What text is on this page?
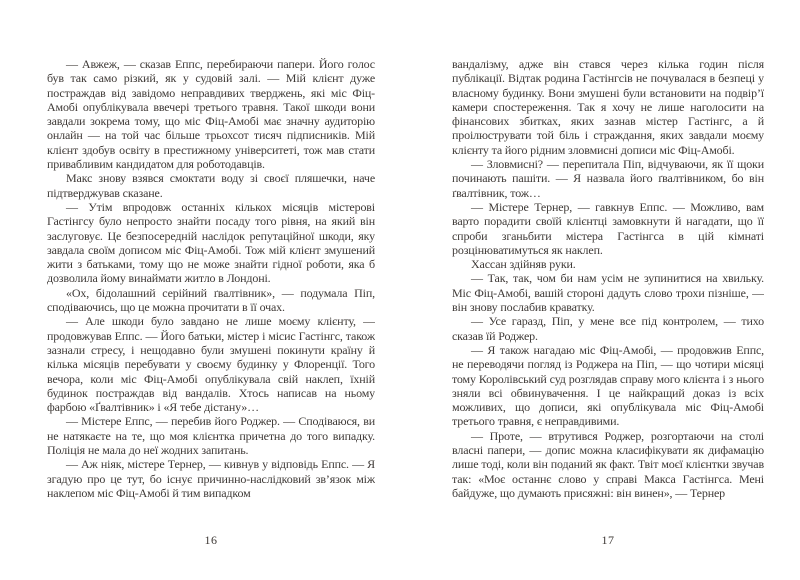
— Авжеж, — сказав Еппс, перебираючи папери. Його голос був так само різкий, як у судовій залі. — Мій клієнт дуже постраждав від завідомо неправдивих тверджень, які міс Фіц-Амобі опублікувала ввечері третього травня. Такої шкоди вони завдали зокрема тому, що міс Фіц-Амобі має значну аудиторію онлайн — на той час більше трьохсот тисяч підписників. Мій клієнт здобув освіту в престижному університеті, тож мав стати привабливим кандидатом для роботодавців.

Макс знову взявся смоктати воду зі своєї пляшечки, наче підтверджував сказане.

— Утім впродовж останніх кількох місяців містерові Гастінгсу було непросто знайти посаду того рівня, на який він заслуговує. Це безпосередній наслідок репутаційної шкоди, яку завдала своїм дописом міс Фіц-Амобі. Тож мій клієнт змушений жити з батьками, тому що не може знайти гідної роботи, яка б дозволила йому винаймати житло в Лондоні.

«Ох, бідолашний серійний ґвалтівник», — подумала Піп, сподіваючись, що це можна прочитати в її очах.

— Але шкоди було завдано не лише моєму клієнту, — продовжував Еппс. — Його батьки, містер і місис Гастінгс, також зазнали стресу, і нещодавно були змушені покинути країну й кілька місяців перебувати у своєму будинку у Флоренції. Того вечора, коли міс Фіц-Амобі опублікувала свій наклеп, їхній будинок постраждав від вандалів. Хтось написав на ньому фарбою «Ґвалтівник» і «Я тебе дістану»…

— Містере Еппс, — перебив його Роджер. — Сподіваюся, ви не натякаєте на те, що моя клієнтка причетна до того випадку. Поліція не мала до неї жодних запитань.

— Аж ніяк, містере Тернер, — кивнув у відповідь Еппс. — Я згадую про це тут, бо існує причинно-наслідковий зв’язок між наклепом міс Фіц-Амобі й тим випадком

16

вандалізму, адже він стався через кілька годин після публікації. Відтак родина Гастінгсів не почувалася в безпеці у власному будинку. Вони змушені були встановити на подвір’ї камери спостереження. Так я хочу не лише наголосити на фінансових збитках, яких зазнав містер Гастінгс, а й проілюструвати той біль і страждання, яких завдали моєму клієнту та його рідним зловмисні дописи міс Фіц-Амобі.

— Зловмисні? — перепитала Піп, відчуваючи, як її щоки починають пашіти. — Я назвала його ґвалтівником, бо він ґвалтівник, тож…

— Містере Тернер, — гавкнув Еппс. — Можливо, вам варто порадити своїй клієнтці замовкнути й нагадати, що її спроби зганьбити містера Гастінгса в цій кімнаті розцінюватимуться як наклеп.

Хассан здійняв руки.

— Так, так, чом би нам усім не зупинитися на хвильку. Міс Фіц-Амобі, вашій стороні дадуть слово трохи пізніше, — він знову послабив краватку.

— Усе гаразд, Піп, у мене все під контролем, — тихо сказав їй Роджер.

— Я також нагадаю міс Фіц-Амобі, — продовжив Еппс, не переводячи погляд із Роджера на Піп, — що чотири місяці тому Королівський суд розглядав справу мого клієнта і з нього зняли всі обвинувачення. І це найкращий доказ із всіх можливих, що дописи, які опублікувала міс Фіц-Амобі третього травня, є неправдивими.

— Проте, — втрутився Роджер, розгортаючи на столі власні папери, — допис можна класифікувати як дифамацію лише тоді, коли він поданий як факт. Твіт моєї клієнтки звучав так: «Моє останнє слово у справі Макса Гастінгса. Мені байдуже, що думають присяжні: він винен», — Тернер

17
